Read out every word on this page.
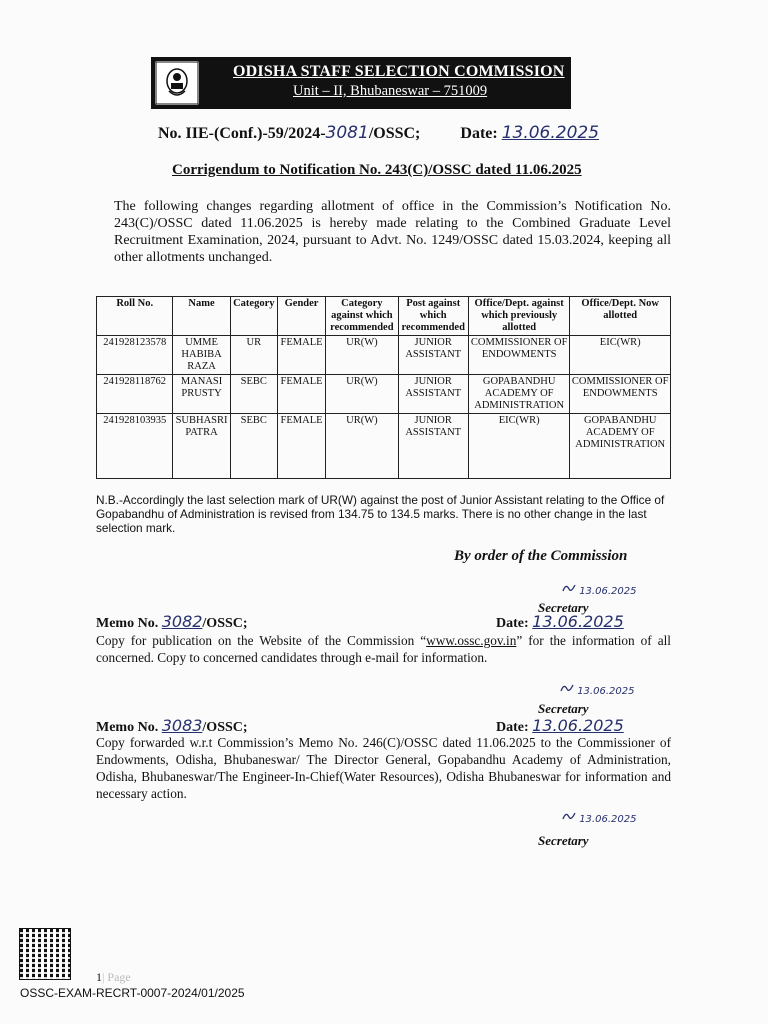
ODISHA STAFF SELECTION COMMISSION
Unit – II, Bhubaneswar – 751009
No. IIE-(Conf.)-59/2024-3081/OSSC;	Date: 13.06.2025
Corrigendum to Notification No. 243(C)/OSSC dated 11.06.2025
The following changes regarding allotment of office in the Commission’s Notification No. 243(C)/OSSC dated 11.06.2025 is hereby made relating to the Combined Graduate Level Recruitment Examination, 2024, pursuant to Advt. No. 1249/OSSC dated 15.03.2024, keeping all other allotments unchanged.
Roll No.	Name	Category	Gender	Category against which recommended	Post against which recommended	Office/Dept. against which previously allotted	Office/Dept. Now allotted
241928123578	UMME HABIBA RAZA	UR	FEMALE	UR(W)	JUNIOR ASSISTANT	COMMISSIONER OF ENDOWMENTS	EIC(WR)
241928118762	MANASI PRUSTY	SEBC	FEMALE	UR(W)	JUNIOR ASSISTANT	GOPABANDHU ACADEMY OF ADMINISTRATION	COMMISSIONER OF ENDOWMENTS
241928103935	SUBHASRI PATRA	SEBC	FEMALE	UR(W)	JUNIOR ASSISTANT	EIC(WR)	GOPABANDHU ACADEMY OF ADMINISTRATION
N.B.-Accordingly the last selection mark of UR(W) against the post of Junior Assistant relating to the Office of Gopabandhu of Administration is revised from 134.75 to 134.5 marks. There is no other change in the last selection mark.
By order of the Commission
13.06.2025
Secretary
Memo No. 3082/OSSC;	Date: 13.06.2025
Copy for publication on the Website of the Commission “www.ossc.gov.in” for the information of all concerned. Copy to concerned candidates through e-mail for information.
13.06.2025
Secretary
Memo No. 3083/OSSC;	Date: 13.06.2025
Copy forwarded w.r.t Commission’s Memo No. 246(C)/OSSC dated 11.06.2025 to the Commissioner of Endowments, Odisha, Bhubaneswar/ The Director General, Gopabandhu Academy of Administration, Odisha, Bhubaneswar/The Engineer-In-Chief(Water Resources), Odisha Bhubaneswar for information and necessary action.
13.06.2025
Secretary
1| Page
OSSC-EXAM-RECRT-0007-2024/01/2025
